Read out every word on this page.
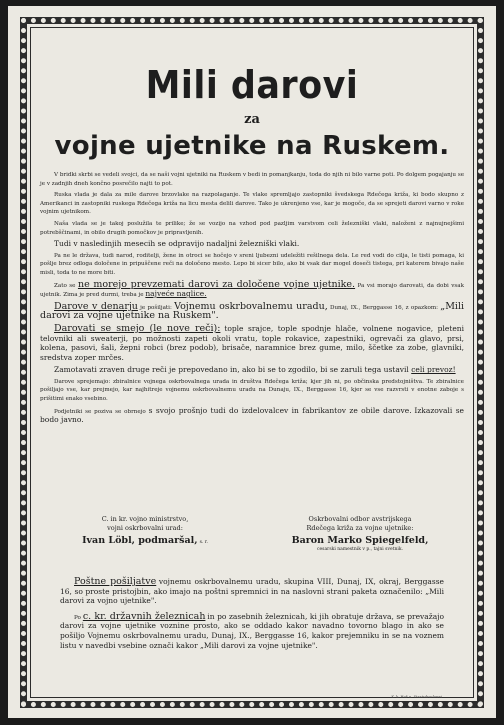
Mili darovi
za
vojne ujetnike na Ruskem.

V bridki skrbi se vedeli svojci, da se naši vojni ujetniki na Ruskem v bedi in pomanjkanju, toda do njih ni bilo varne poti. Po dolgem pogajanju se je v zadnjih dneh končno posrečilo najti to pot.

Ruska vlada je dala za mile darove brzovlake na razpolaganje. Te vlake spremljajo zastopniki švedskega Rdečega križa, ki bodo skupno z Amerikanci in zastopniki ruskega Rdečega križa na licu mesta delili darove. Tako je ukrenjeno vse, kar je mogoče, da se sprejeti darovi varno v roke vojnim ujetnikom.

Naša vlada se je takoj poslužila te prilike; že se vozijo na vzhod pod pazljim varstvom celi železniški vlaki, naloženi z najnujnejšimi potrebščinami, in obilo drugih pomočkov je pripravljenih.

Tudi v nasledinjih mesecih se odpravijo nadaljni železniški vlaki.

Pa ne le država, tudi narod, roditelji, žene in otroci se hočejo v sreni ljubezni udeležiti rešilnega dela. Le red vodi do cilja, le tisti pomaga, ki pošlje brez odloga določene in pripuščene reči na določeno mesto. Lepo bi sicer bilo, ako bi vsak dar mogel doseči tistega, pri katerem bivajo naše misli, toda to ne more biti.

Zato se ne morejo prevzemati darovi za določene vojne ujetnike. Pa vsi morajo darovati, da dobi vsak ujetnik. Zima je pred durmi, treba je najveće naglice.

Darove v denarju je pošiljati: Vojnemu oskrbovalnemu uradu, Dunaj, IX., Berggasse 16, z opazkom: „Mili darovi za vojne ujetnike na Ruskem".

Darovati se smejo (le nove reči): tople srajce, tople spodnje hlače, volnene nogavice, pleteni telovniki ali sweaterji, po možnosti zapeti okoli vratu, tople rokavice, zapestniki, ogrevači za glavo, prsi, kolena, pasovi, šali, žepni robci (brez podob), brisače, naramnice brez gume, milo, ščetke za zobe, glavniki, sredstva zoper mrčes.

Zamotavati zraven druge reči je prepovedano in, ako bi se to zgodilo, bi se zaruli tega ustavil celi prevoz!

Darove sprejemajo: zbiralnice vojnega oskrbovalnega urada in društva Rdečega križa; kjer jih ni, po občinska predstojništva. Te zbiralnice pošiljajo vse, kar prejmejo, kar najhitreje vojnemu oskrbovalnemu uradu na Dunaju, IX., Berggasse 16, kjer se vse razvrsti v enotne zaboje s prišitimi enako vsebino.

Podjetniki se poziva se obrnejo s svojo prošnjo tudi do izdelovalcev in fabrikantov ze obile darove. Izkazovali se bodo javno.

C. in kr. vojno ministrstvo,
vojni oskrbovalni urad:
Ivan Löbl, podmaršal, s. r.
Oskrbovalni odbor avstrijskega
Rdečega križa za vojne ujetnike:
Baron Marko Spiegelfeld,
cesarski namestnik v p., tajni svetnik.

Poštne pošiljatve vojnemu oskrbovalnemu uradu, skupina VIII, Dunaj, IX, okraj, Berggasse 16, so proste pristojbin, ako imajo na poštni spremnici in na naslovni strani paketa označenilo: „Mili darovi za vojno ujetnike".

Po c. kr. državnih železnicah in po zasebnih železnicah, ki jih obratuje država, se prevažajo darovi za vojne ujetnike voznine prosto, ako se oddado kakor navadno tovorno blago in ako se pošiljo Vojnemu oskrbovalnemu uradu, Dunaj, IX., Berggasse 16, kakor prejemniku in se na voznem listu v navedbi vsebine označi kakor „Mili darovi za vojne ujetnike".

K. k. Hof- u. Staatsdruckerei
